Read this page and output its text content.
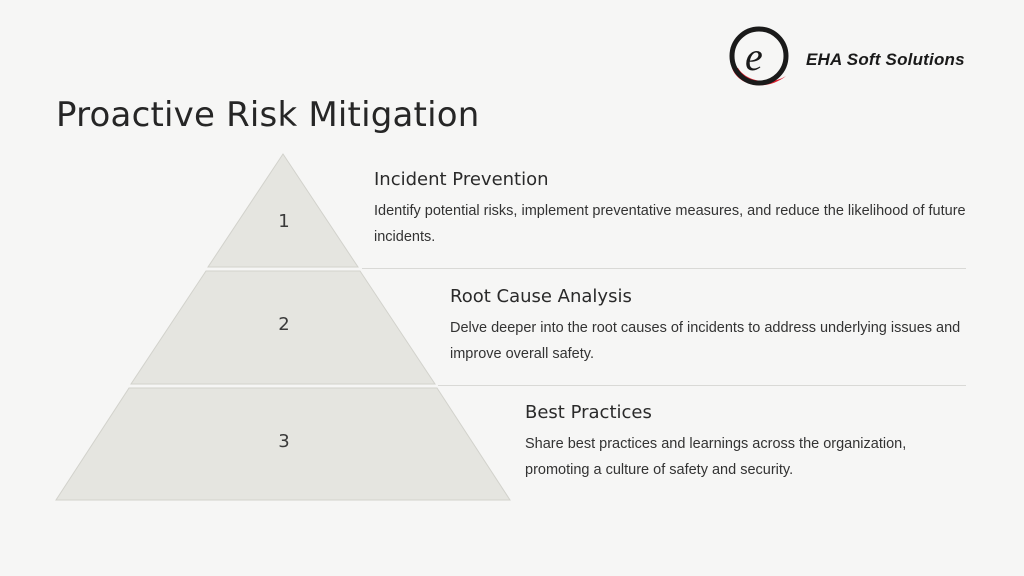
e	EHA Soft Solutions
Proactive Risk Mitigation
1
2
3
Incident Prevention

Identify potential risks, implement preventative measures, and reduce the likelihood of future incidents.

Root Cause Analysis

Delve deeper into the root causes of incidents to address underlying issues and improve overall safety.

Best Practices

Share best practices and learnings across the organization, promoting a culture of safety and security.
